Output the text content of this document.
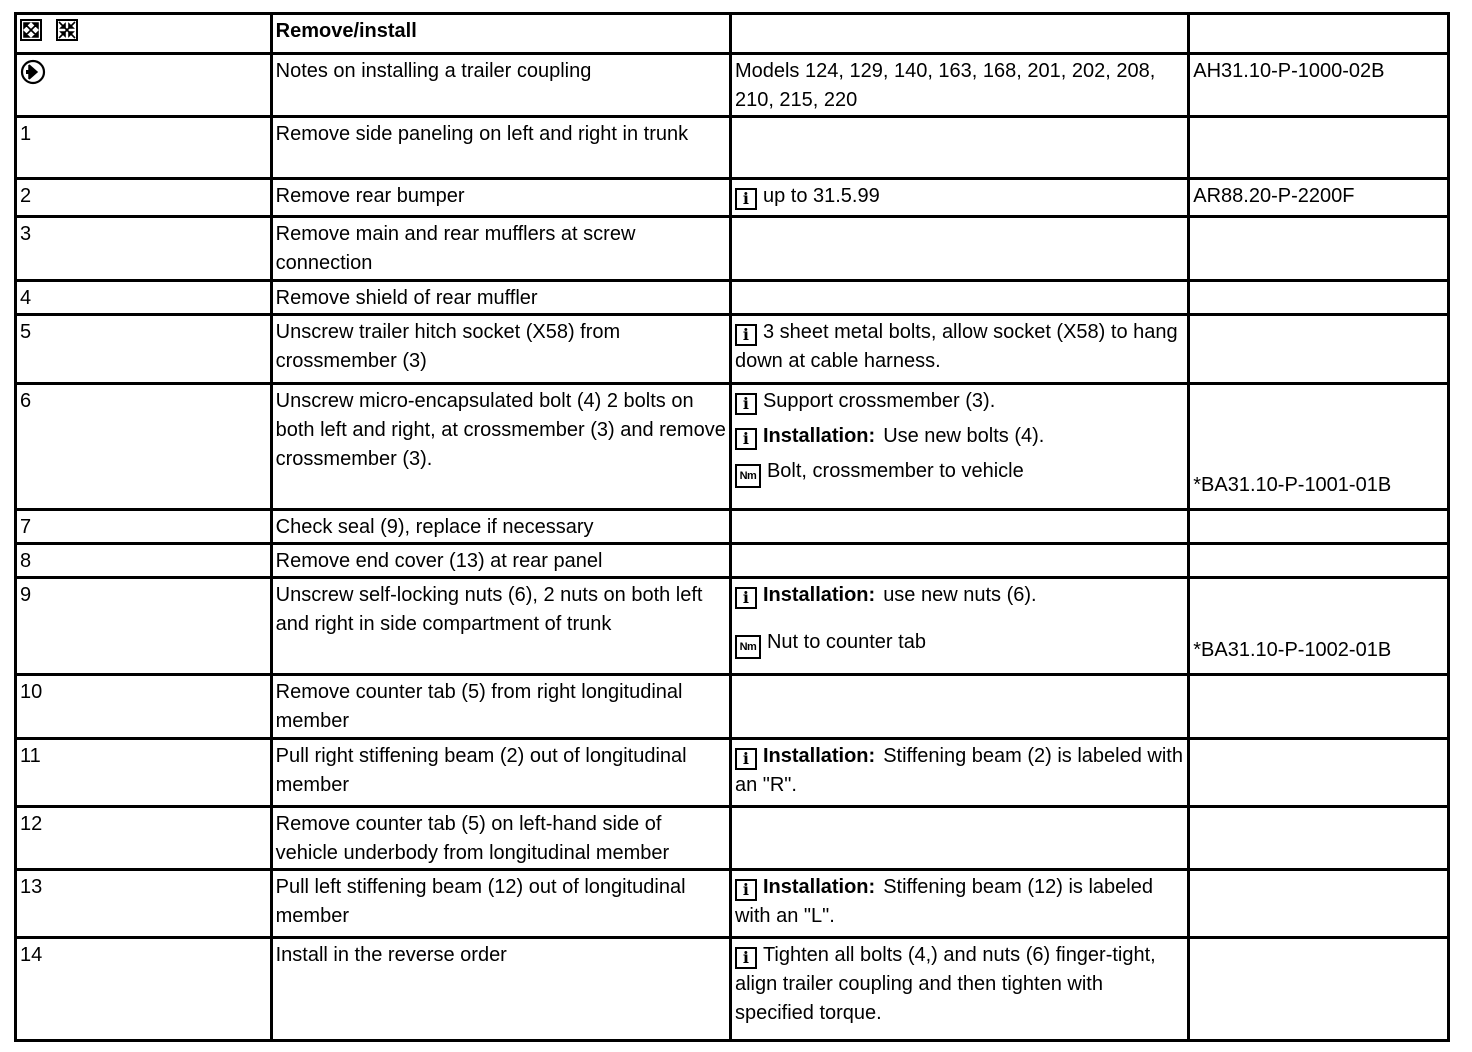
	Remove/install		
	Notes on installing a trailer coupling	Models 124, 129, 140, 163, 168, 201, 202, 208, 210, 215, 220	AH31.10-P-1000-02B
1	Remove side paneling on left and right in trunk		
2	Remove rear bumper	i up to 31.5.99	AR88.20-P-2200F
3	Remove main and rear mufflers at screw connection		
4	Remove shield of rear muffler		
5	Unscrew trailer hitch socket (X58) from crossmember (3)	i 3 sheet metal bolts, allow socket (X58) to hang down at cable harness.	

6	Unscrew micro-encapsulated bolt (4) 2 bolts on both left and right, at crossmember (3) and remove crossmember (3).	i Support crossmember (3).
i Installation: Use new bolts (4).
Nm Bolt, crossmember to vehicle	*BA31.10-P-1001-01B
7	Check seal (9), replace if necessary		
8	Remove end cover (13) at rear panel		
9	Unscrew self-locking nuts (6), 2 nuts on both left and right in side compartment of trunk	i Installation: use new nuts (6).
Nm Nut to counter tab	*BA31.10-P-1002-01B
10	Remove counter tab (5) from right longitudinal member		
11	Pull right stiffening beam (2) out of longitudinal member	i Installation: Stiffening beam (2) is labeled with an "R".	

12	Remove counter tab (5) on left-hand side of vehicle underbody from longitudinal member		
13	Pull left stiffening beam (12) out of longitudinal member	i Installation: Stiffening beam (12) is labeled with an "L".	

14	Install in the reverse order	i Tighten all bolts (4,) and nuts (6) finger-tight, align trailer coupling and then tighten with specified torque.	
